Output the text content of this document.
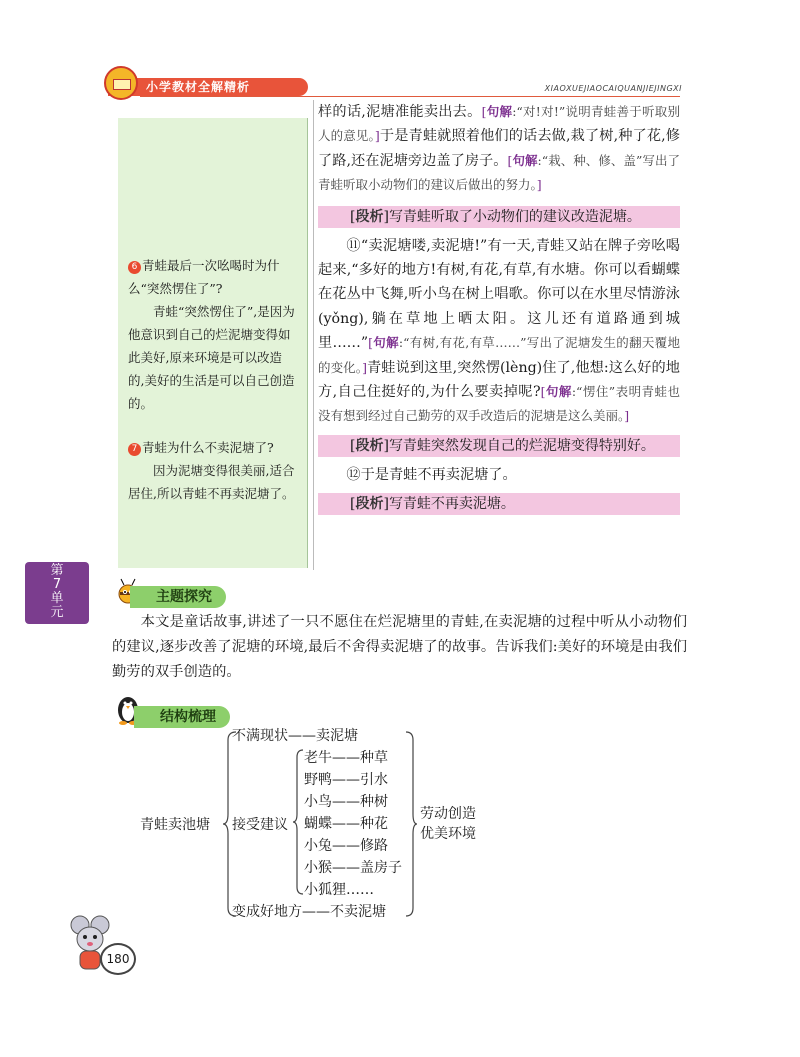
小学教材全解精析	XIAOXUEJIAOCAIQUANJIEJINGXI
6 青蛙最后一次吆喝时为什么“突然愣住了”?
青蛙“突然愣住了”,是因为他意识到自己的烂泥塘变得如此美好,原来环境是可以改造的,美好的生活是可以自己创造的。
7 青蛙为什么不卖泥塘了?
因为泥塘变得很美丽,适合居住,所以青蛙不再卖泥塘了。

样的话,泥塘准能卖出去。[句解:“对!对!”说明青蛙善于听取别人的意见。]于是青蛙就照着他们的话去做,栽了树,种了花,修了路,还在泥塘旁边盖了房子。[句解:“栽、种、修、盖”写出了青蛙听取小动物们的建议后做出的努力。]

[段析]写青蛙听取了小动物们的建议改造泥塘。

⑪“卖泥塘喽,卖泥塘!”有一天,青蛙又站在牌子旁吆喝起来,“多好的地方!有树,有花,有草,有水塘。你可以看蝴蝶在花丛中飞舞,听小鸟在树上唱歌。你可以在水里尽情游泳(yǒng),躺在草地上晒太阳。这儿还有道路通到城里……”[句解:“有树,有花,有草……”写出了泥塘发生的翻天覆地的变化。]青蛙说到这里,突然愣(lèng)住了,他想:这么好的地方,自己住挺好的,为什么要卖掉呢?[句解:“愣住”表明青蛙也没有想到经过自己勤劳的双手改造后的泥塘是这么美丽。]

[段析]写青蛙突然发现自己的烂泥塘变得特别好。

⑫于是青蛙不再卖泥塘了。

[段析]写青蛙不再卖泥塘。
第
7
单
元
主题探究

本文是童话故事,讲述了一只不愿住在烂泥塘里的青蛙,在卖泥塘的过程中听从小动物们的建议,逐步改善了泥塘的环境,最后不舍得卖泥塘了的故事。告诉我们:美好的环境是由我们勤劳的双手创造的。

结构梳理
青蛙卖池塘
不满现状——卖泥塘
接受建议
老牛——种草
野鸭——引水
小鸟——种树
蝴蝶——种花
小兔——修路
小猴——盖房子
小狐狸……
变成好地方——不卖泥塘
劳动创造
优美环境
180
